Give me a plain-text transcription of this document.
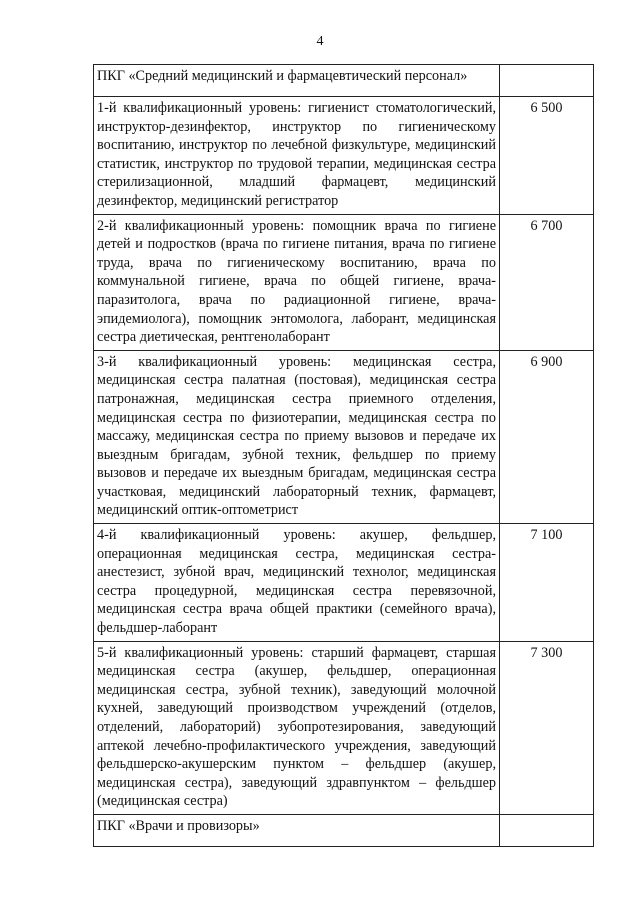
4
ПКГ «Средний медицинский и фармацевтический персонал»	
1-й квалификационный уровень: гигиенист стоматологический, инструктор-дезинфектор, инструктор по гигиеническому воспитанию, инструктор по лечебной физкультуре, медицинский статистик, инструктор по трудовой терапии, медицинская сестра стерилизационной, младший фармацевт, медицинский дезинфектор, медицинский регистратор	6 500
2-й квалификационный уровень: помощник врача по гигиене детей и подростков (врача по гигиене питания, врача по гигиене труда, врача по гигиеническому воспитанию, врача по коммунальной гигиене, врача по общей гигиене, врача-паразитолога, врача по радиационной гигиене, врача-эпидемиолога), помощник энтомолога, лаборант, медицинская сестра диетическая, рентгенолаборант	6 700
3-й квалификационный уровень: медицинская сестра, медицинская сестра палатная (постовая), медицинская сестра патронажная, медицинская сестра приемного отделения, медицинская сестра по физиотерапии, медицинская сестра по массажу, медицинская сестра по приему вызовов и передаче их выездным бригадам, зубной техник, фельдшер по приему вызовов и передаче их выездным бригадам, медицинская сестра участковая, медицинский лабораторный техник, фармацевт, медицинский оптик-оптометрист	6 900
4-й квалификационный уровень: акушер, фельдшер, операционная медицинская сестра, медицинская сестра-анестезист, зубной врач, медицинский технолог, медицинская сестра процедурной, медицинская сестра перевязочной, медицинская сестра врача общей практики (семейного врача), фельдшер-лаборант	7 100
5-й квалификационный уровень: старший фармацевт, старшая медицинская сестра (акушер, фельдшер, операционная медицинская сестра, зубной техник), заведующий молочной кухней, заведующий производством учреждений (отделов, отделений, лабораторий) зубопротезирования, заведующий аптекой лечебно-профилактического учреждения, заведующий фельдшерско-акушерским пунктом – фельдшер (акушер, медицинская сестра), заведующий здравпунктом – фельдшер (медицинская сестра)	7 300
ПКГ «Врачи и провизоры»	
